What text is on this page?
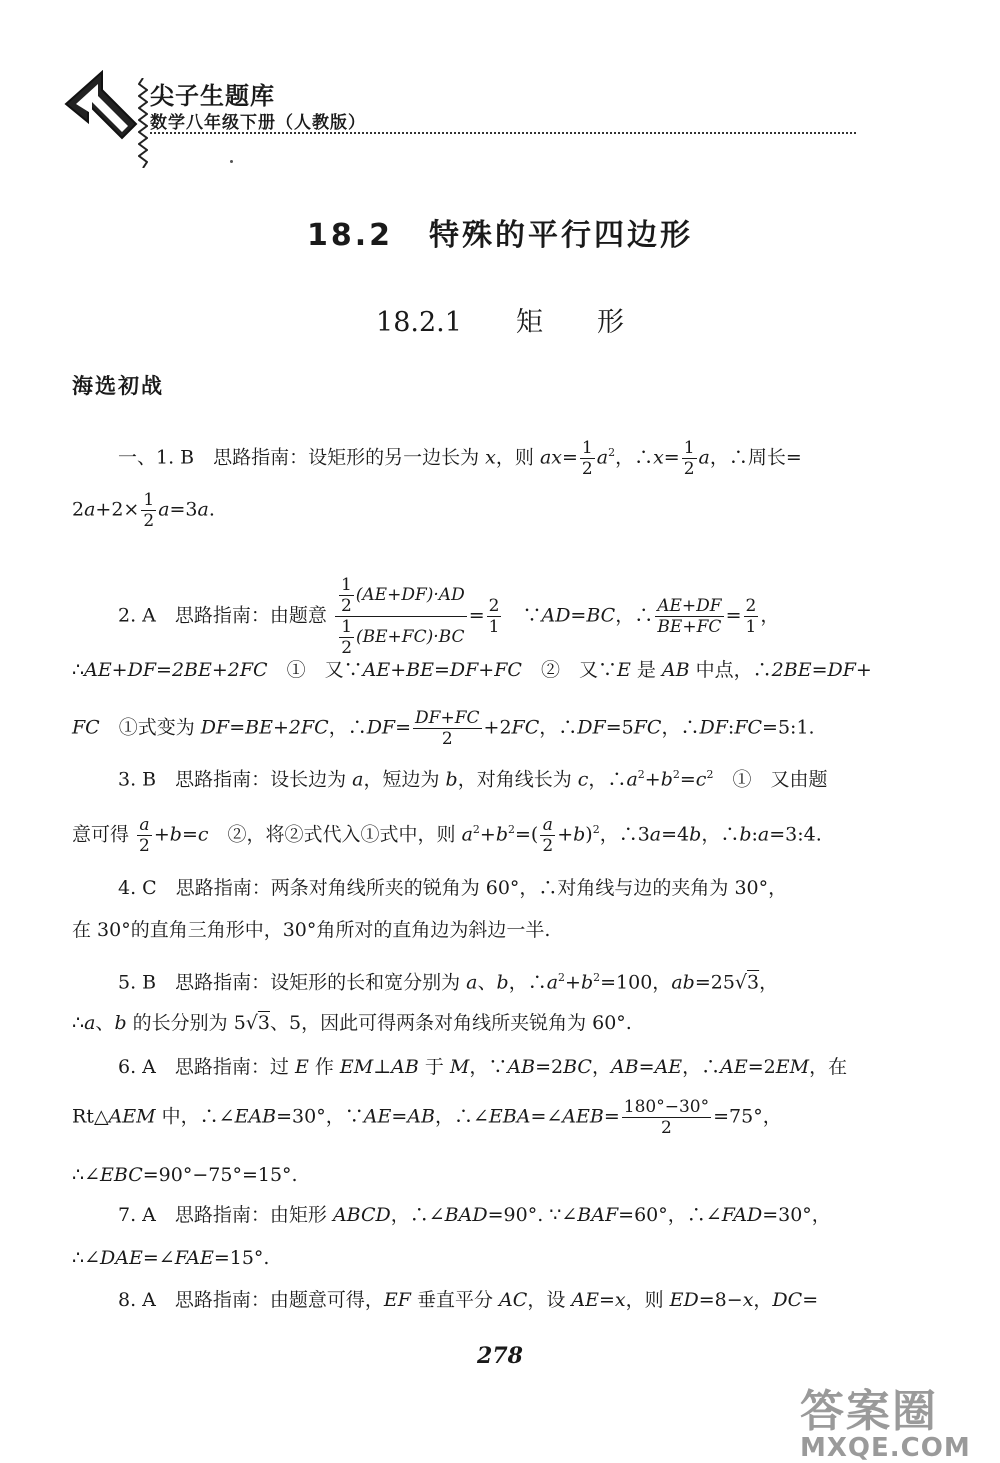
尖子生题库
数学八年级下册（人教版）
18.2 特殊的平行四边形
18.2.1　　 矩 形
海选初战
一、1. B　思路指南：设矩形的另一边长为 x，则 $ax= \frac{1}{2} a^2$，∴x= $\frac{1}{2}$ a，∴周长=
$2a+2\times \frac{1}{2} a=3a$.
2. A　思路指南：由题意 $\frac{\frac{1}{2} (AE+DF)\cdot AD}{\frac{1}{2} (BE+FC)\cdot BC} = \frac{2}{1}$ 　∵AD=BC，∴ $\frac{AE+DF}{BE+FC} = \frac{2}{1}$ ，
∴AE+DF=2BE+2FC　①　又∵AE+BE=DF+FC　②　又∵E 是 AB 中点，∴2BE=DF+
FC　①式变为 DF=BE+2FC，∴DF= $\frac{DF+FC}{2} +2FC$，∴DF=5FC，∴DF:FC=5:1.
3. B　思路指南：设长边为 a，短边为 b，对角线长为 c，$\therefore a^2+b^2=c^2$　①　又由题
意可得 $\frac{a}{2} +b=c$　②，将②式代入①式中，则 $a^2+b^2=( \frac{a}{2} +b)^2$，∴3a=4b，∴b:a=3:4.
4. C　思路指南：两条对角线所夹的锐角为 60°，∴对角线与边的夹角为 30°，
在 30°的直角三角形中，30°角所对的直角边为斜边一半.
5. B　思路指南：设矩形的长和宽分别为 a、b，$\therefore a^2+b^2=100$，ab=25√3，
∴a、b 的长分别为 5√3、5，因此可得两条对角线所夹锐角为 60°.
6. A　思路指南：过 E 作 EM⊥AB 于 M，∵AB=2BC，AB=AE，∴AE=2EM，在
Rt△AEM 中，∴∠EAB=30°，∵AE=AB，∴∠EBA=∠AEB= $\frac{180^\circ-30^\circ}{2} =75^\circ$，
∴∠EBC=90°−75°=15°.
7. A　思路指南：由矩形 ABCD，∴∠BAD=90°. ∵∠BAF=60°，∴∠FAD=30°，
∴∠DAE=∠FAE=15°.
8. A　思路指南：由题意可得，EF 垂直平分 AC，设 AE=x，则 ED=8−x，DC=
278
答案圈
MXQE.COM
